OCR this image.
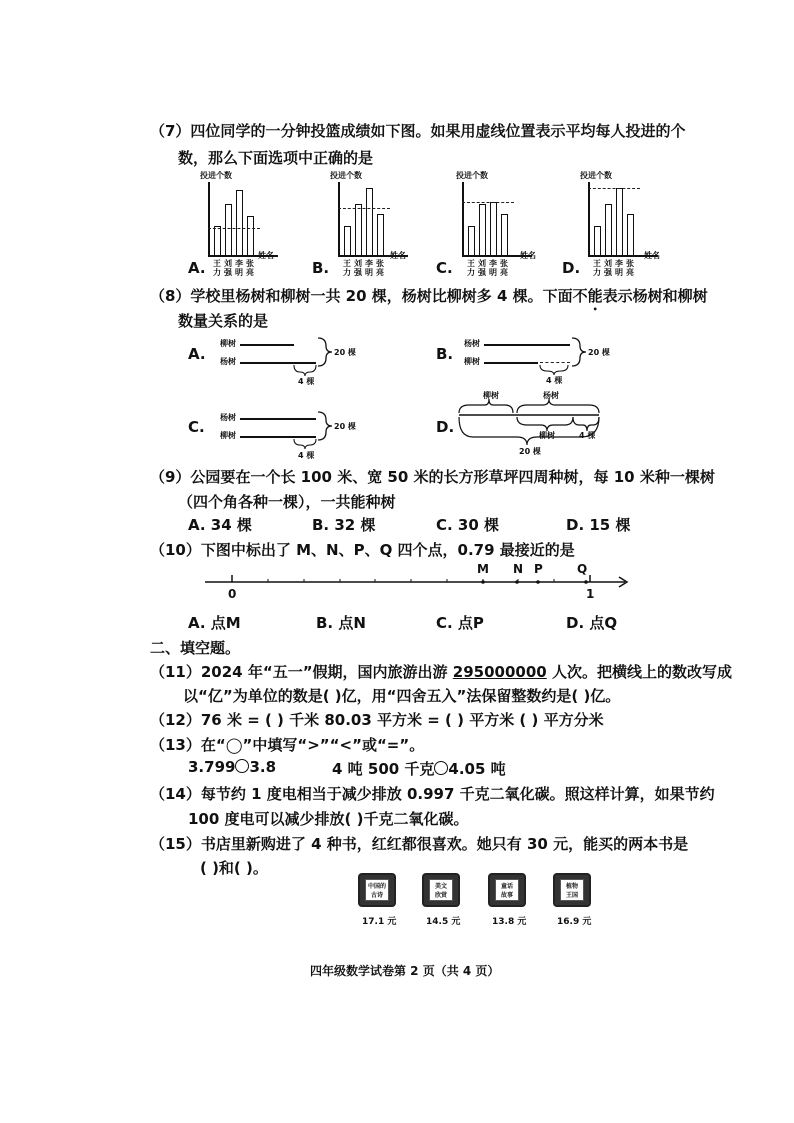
（7）四位同学的一分钟投篮成绩如下图。如果用虚线位置表示平均每人投进的个
数，那么下面选项中正确的是
投进个数
姓名
王刘李张
力强明亮
A.
投进个数
姓名
王刘李张
力强明亮
B.
投进个数
姓名
王刘李张
力强明亮
C.
投进个数
姓名
王刘李张
力强明亮
D.
（8）学校里杨树和柳树一共 20 棵，杨树比柳树多 4 棵。下面不能表示杨树和柳树
数量关系的是
A.
柳树
杨树
20 棵
4 棵
B.
杨树
柳树
20 棵
4 棵
C.
杨树
柳树
20 棵
4 棵
D.
柳树	杨树
柳树	4 棵
20 棵
（9）公园要在一个长 100 米、宽 50 米的长方形草坪四周种树，每 10 米种一棵树
（四个角各种一棵），一共能种树
A. 34 棵	B. 32 棵	C. 30 棵	D. 15 棵
（10）下图中标出了 M、N、P、Q 四个点，0.79 最接近的是
M N P	Q
0	1
A. 点M	B. 点N	C. 点P	D. 点Q
二、填空题。
（11）2024 年“五一”假期，国内旅游出游 295000000 人次。把横线上的数改写成
以“亿”为单位的数是( )亿，用“四舍五入”法保留整数约是( )亿。
（12）76 米 = ( ) 千米 80.03 平方米 = ( ) 平方米 ( ) 平方分米
（13）在“◯”中填写“>”“<”或“=”。
3.799 3.8	4 吨 500 千克 4.05 吨
（14）每节约 1 度电相当于减少排放 0.997 千克二氧化碳。照这样计算，如果节约
100 度电可以减少排放( )千克二氧化碳。
（15）书店里新购进了 4 种书，红红都很喜欢。她只有 30 元，能买的两本书是
( )和( )。
中国的
古诗
17.1 元
美文
欣赏
14.5 元
童话
故事
13.8 元
植物
王国
16.9 元
四年级数学试卷第 2 页（共 4 页）
